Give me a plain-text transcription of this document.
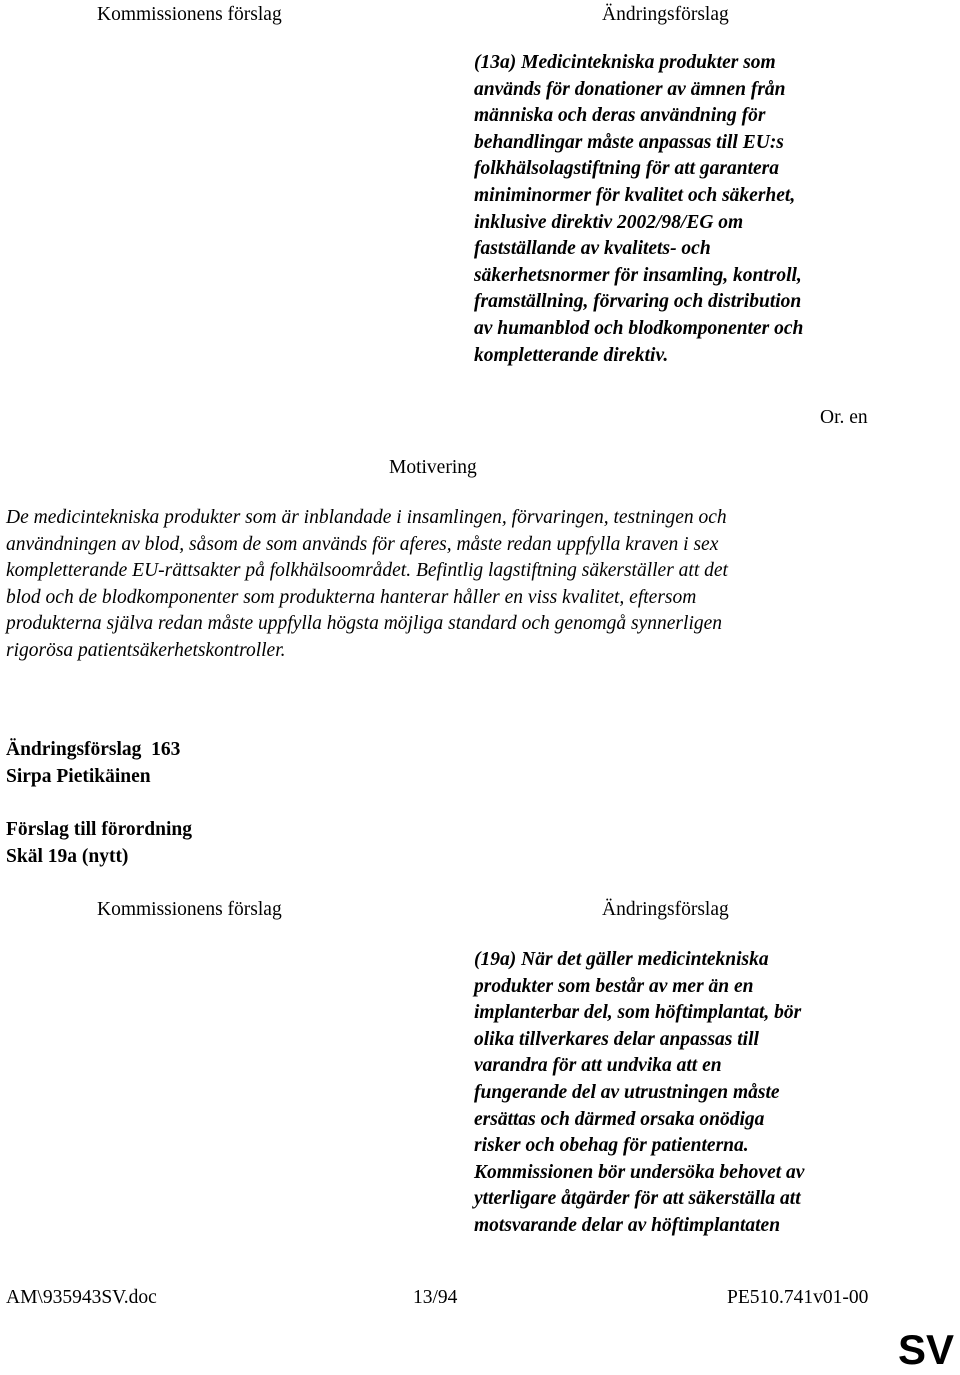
Kommissionens förslag	Ändringsförslag
(13a) Medicintekniska produkter som
används för donationer av ämnen från
människa och deras användning för
behandlingar måste anpassas till EU:s
folkhälsolagstiftning för att garantera
miniminormer för kvalitet och säkerhet,
inklusive direktiv 2002/98/EG om
fastställande av kvalitets- och
säkerhetsnormer för insamling, kontroll,
framställning, förvaring och distribution
av humanblod och blodkomponenter och
kompletterande direktiv.
Or. en
Motivering
De medicintekniska produkter som är inblandade i insamlingen, förvaringen, testningen och
användningen av blod, såsom de som används för aferes, måste redan uppfylla kraven i sex
kompletterande EU-rättsakter på folkhälsoområdet. Befintlig lagstiftning säkerställer att det
blod och de blodkomponenter som produkterna hanterar håller en viss kvalitet, eftersom
produkterna själva redan måste uppfylla högsta möjliga standard och genomgå synnerligen
rigorösa patientsäkerhetskontroller.
Ändringsförslag  163
Sirpa Pietikäinen
Förslag till förordning
Skäl 19a (nytt)
Kommissionens förslag	Ändringsförslag
(19a) När det gäller medicintekniska
produkter som består av mer än en
implanterbar del, som höftimplantat, bör
olika tillverkares delar anpassas till
varandra för att undvika att en
fungerande del av utrustningen måste
ersättas och därmed orsaka onödiga
risker och obehag för patienterna.
Kommissionen bör undersöka behovet av
ytterligare åtgärder för att säkerställa att
motsvarande delar av höftimplantaten
AM\935943SV.doc	13/94	PE510.741v01-00
SV
